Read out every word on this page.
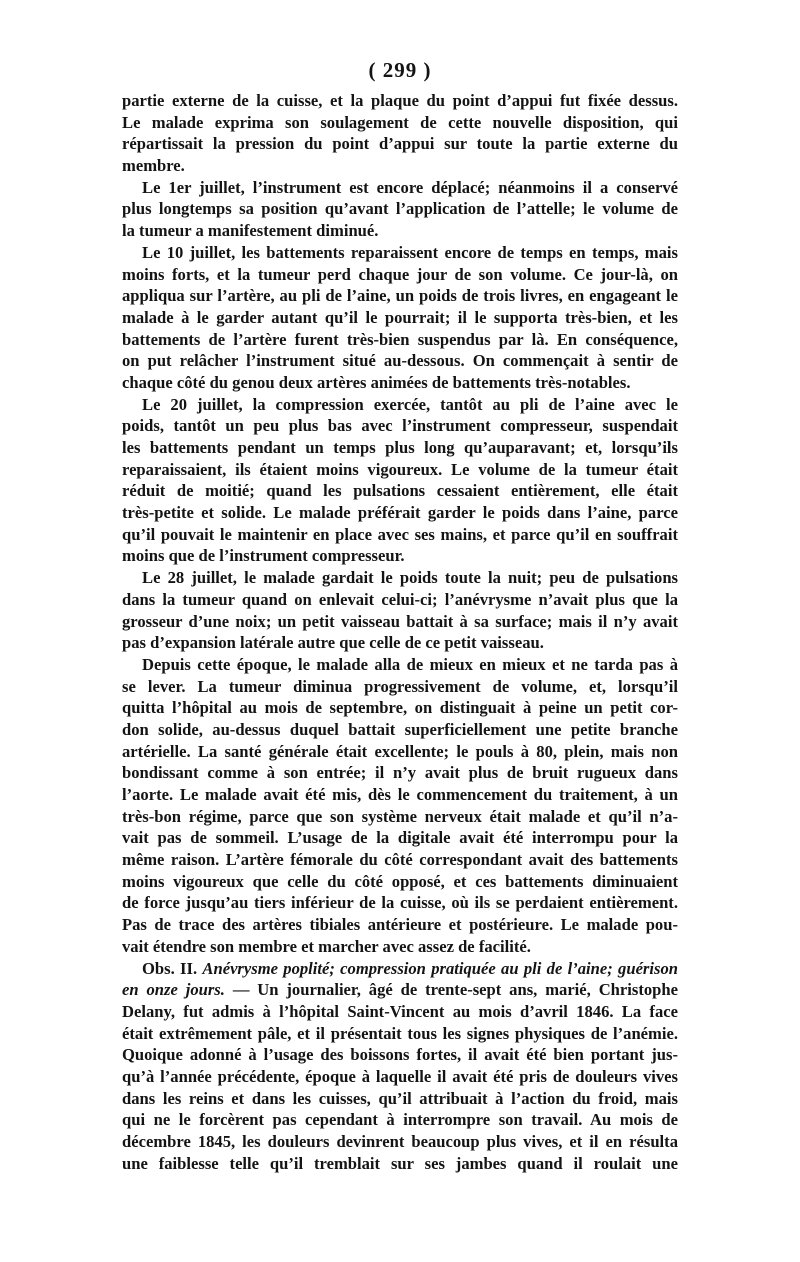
( 299 )
partie externe de la cuisse, et la plaque du point d’appui fut fixée dessus.
Le malade exprima son soulagement de cette nouvelle disposition, qui
répartissait la pression du point d’appui sur toute la partie externe du
membre.
Le 1er juillet, l’instrument est encore déplacé; néanmoins il a conservé
plus longtemps sa position qu’avant l’application de l’attelle; le volume de
la tumeur a manifestement diminué.
Le 10 juillet, les battements reparaissent encore de temps en temps, mais
moins forts, et la tumeur perd chaque jour de son volume. Ce jour-là, on
appliqua sur l’artère, au pli de l’aine, un poids de trois livres, en engageant le
malade à le garder autant qu’il le pourrait; il le supporta très-bien, et les
battements de l’artère furent très-bien suspendus par là. En conséquence,
on put relâcher l’instrument situé au-dessous. On commençait à sentir de
chaque côté du genou deux artères animées de battements très-notables.
Le 20 juillet, la compression exercée, tantôt au pli de l’aine avec le
poids, tantôt un peu plus bas avec l’instrument compresseur, suspendait
les battements pendant un temps plus long qu’auparavant; et, lorsqu’ils
reparaissaient, ils étaient moins vigoureux. Le volume de la tumeur était
réduit de moitié; quand les pulsations cessaient entièrement, elle était
très-petite et solide. Le malade préférait garder le poids dans l’aine, parce
qu’il pouvait le maintenir en place avec ses mains, et parce qu’il en souffrait
moins que de l’instrument compresseur.
Le 28 juillet, le malade gardait le poids toute la nuit; peu de pulsations
dans la tumeur quand on enlevait celui-ci; l’anévrysme n’avait plus que la
grosseur d’une noix; un petit vaisseau battait à sa surface; mais il n’y avait
pas d’expansion latérale autre que celle de ce petit vaisseau.
Depuis cette époque, le malade alla de mieux en mieux et ne tarda pas à
se lever. La tumeur diminua progressivement de volume, et, lorsqu’il
quitta l’hôpital au mois de septembre, on distinguait à peine un petit cor-
don solide, au-dessus duquel battait superficiellement une petite branche
artérielle. La santé générale était excellente; le pouls à 80, plein, mais non
bondissant comme à son entrée; il n’y avait plus de bruit rugueux dans
l’aorte. Le malade avait été mis, dès le commencement du traitement, à un
très-bon régime, parce que son système nerveux était malade et qu’il n’a-
vait pas de sommeil. L’usage de la digitale avait été interrompu pour la
même raison. L’artère fémorale du côté correspondant avait des battements
moins vigoureux que celle du côté opposé, et ces battements diminuaient
de force jusqu’au tiers inférieur de la cuisse, où ils se perdaient entièrement.
Pas de trace des artères tibiales antérieure et postérieure. Le malade pou-
vait étendre son membre et marcher avec assez de facilité.
Obs. II. Anévrysme poplité; compression pratiquée au pli de l’aine; guérison
en onze jours. — Un journalier, âgé de trente-sept ans, marié, Christophe
Delany, fut admis à l’hôpital Saint-Vincent au mois d’avril 1846. La face
était extrêmement pâle, et il présentait tous les signes physiques de l’anémie.
Quoique adonné à l’usage des boissons fortes, il avait été bien portant jus-
qu’à l’année précédente, époque à laquelle il avait été pris de douleurs vives
dans les reins et dans les cuisses, qu’il attribuait à l’action du froid, mais
qui ne le forcèrent pas cependant à interrompre son travail. Au mois de
décembre 1845, les douleurs devinrent beaucoup plus vives, et il en résulta
une faiblesse telle qu’il tremblait sur ses jambes quand il roulait une
